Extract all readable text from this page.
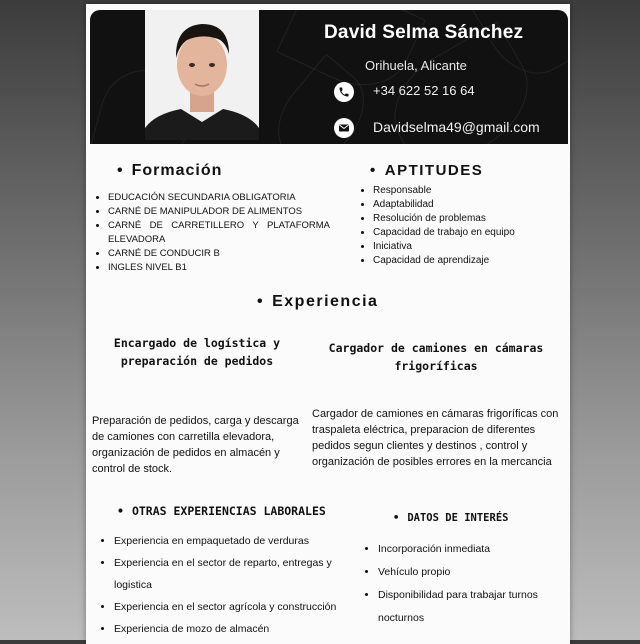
David Selma Sánchez
Orihuela, Alicante
+34 622 52 16 64
Davidselma49@gmail.com
• Formación
• EDUCACIÓN SECUNDARIA OBLIGATORIA
• CARNÉ DE MANIPULADOR DE ALIMENTOS
• CARNÉ DE CARRETILLERO Y PLATAFORMA ELEVADORA
• CARNÉ DE CONDUCIR B
• INGLES NIVEL B1
• APTITUDES
• Responsable
• Adaptabilidad
• Resolución de problemas
• Capacidad de trabajo en equipo
• Iniciativa
• Capacidad de aprendizaje
• Experiencia
Encargado de logística y preparación de pedidos
Cargador de camiones en cámaras frigoríficas
Preparación de pedidos, carga y descarga de camiones con carretilla elevadora, organización de pedidos en almacén y control de stock.
Cargador de camiones en cámaras frigoríficas con traspaleta eléctrica, preparacion de diferentes pedidos segun clientes y destinos , control y organización de posibles errores en la mercancia
• OTRAS EXPERIENCIAS LABORALES
• Experiencia en empaquetado de verduras
• Experiencia en el sector de reparto, entregas y logistica
• Experiencia en el sector agrícola y construcción
• Experiencia de mozo de almacén
• DATOS DE INTERÉS
• Incorporación inmediata
• Vehículo propio
• Disponibilidad para trabajar turnos nocturnos
